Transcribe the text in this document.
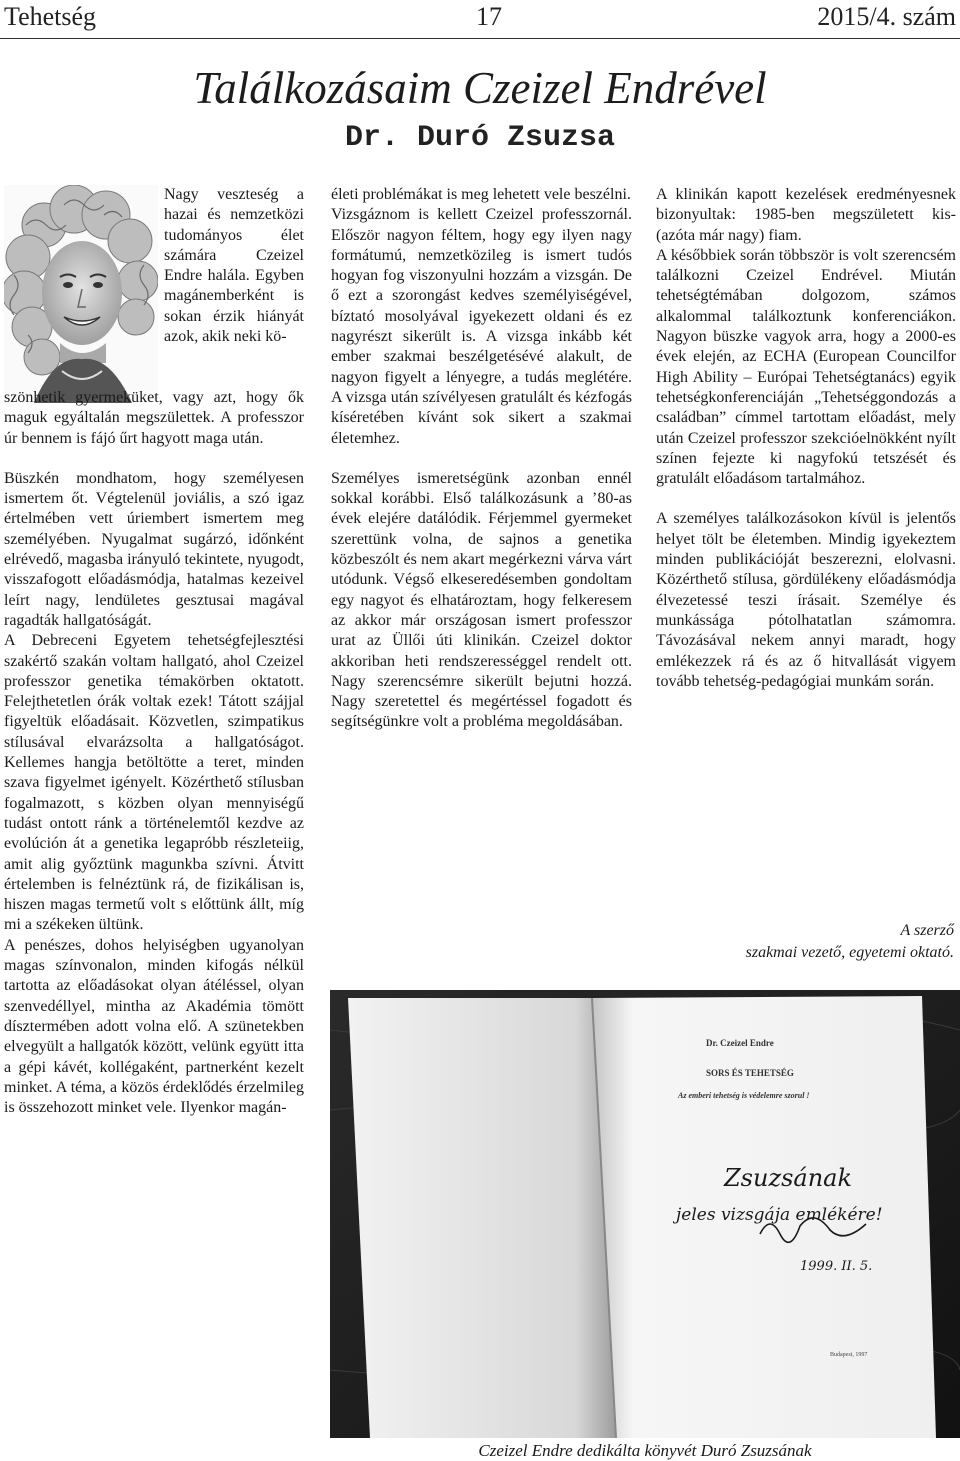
Tehetség	17	2015/4. szám
Találkozásaim Czeizel Endrével
Dr. Duró Zsuzsa

Nagy veszteség a hazai és nemzetközi tudományos élet számára Czeizel Endre halála. Egyben magánemberként is sokan érzik hiányát azok, akik neki kö-

szönhetik gyermeküket, vagy azt, hogy ők maguk egyáltalán megszülettek. A professzor úr bennem is fájó űrt hagyott maga után.

Büszkén mondhatom, hogy személyesen ismertem őt. Végtelenül joviális, a szó igaz értelmében vett úriembert ismertem meg személyében. Nyugalmat sugárzó, időnként elrévedő, magasba irányuló tekintete, nyugodt, visszafogott előadásmódja, hatalmas kezeivel leírt nagy, lendületes gesztusai magával ragadták hallgatóságát.

A Debreceni Egyetem tehetségfejlesztési szakértő szakán voltam hallgató, ahol Czeizel professzor genetika témakörben oktatott. Felejthetetlen órák voltak ezek! Tátott szájjal figyeltük előadásait. Közvetlen, szimpatikus stílusával elvarázsolta a hallgatóságot. Kellemes hangja betöltötte a teret, minden szava figyelmet igényelt. Közérthető stílusban fogalmazott, s közben olyan mennyiségű tudást ontott ránk a történelemtől kezdve az evolúción át a genetika legapróbb részleteiig, amit alig győztünk magunkba szívni. Átvitt értelemben is felnéztünk rá, de fizikálisan is, hiszen magas termetű volt s előttünk állt, míg mi a székeken ültünk.

A penészes, dohos helyiségben ugyanolyan magas színvonalon, minden kifogás nélkül tartotta az előadásokat olyan átéléssel, olyan szenvedéllyel, mintha az Akadémia tömött dísztermében adott volna elő. A szünetekben elvegyült a hallgatók között, velünk együtt itta a gépi kávét, kollégaként, partnerként kezelt minket. A téma, a közös érdeklődés érzelmileg is összehozott minket vele. Ilyenkor magán-

életi problémákat is meg lehetett vele beszélni.

Vizsgáznom is kellett Czeizel professzornál. Először nagyon féltem, hogy egy ilyen nagy formátumú, nemzetközileg is ismert tudós hogyan fog viszonyulni hozzám a vizsgán. De ő ezt a szorongást kedves személyiségével, bíztató mosolyával igyekezett oldani és ez nagyrészt sikerült is. A vizsga inkább két ember szakmai beszélgetésévé alakult, de nagyon figyelt a lényegre, a tudás meglétére. A vizsga után szívélyesen gratulált és kézfogás kíséretében kívánt sok sikert a szakmai életemhez.

Személyes ismeretségünk azonban ennél sokkal korábbi. Első találkozásunk a ’80-as évek elejére datálódik. Férjemmel gyermeket szerettünk volna, de sajnos a genetika közbeszólt és nem akart megérkezni várva várt utódunk. Végső elkeseredésemben gondoltam egy nagyot és elhatároztam, hogy felkeresem az akkor már országosan ismert professzor urat az Üllői úti klinikán. Czeizel doktor akkoriban heti rendszerességgel rendelt ott. Nagy szerencsémre sikerült bejutni hozzá. Nagy szeretettel és megértéssel fogadott és segítségünkre volt a probléma megoldásában.

A klinikán kapott kezelések eredményesnek bizonyultak: 1985-ben megszületett kis- (azóta már nagy) fiam.

A későbbiek során többször is volt szerencsém találkozni Czeizel Endrével. Miután tehetségtémában dolgozom, számos alkalommal találkoztunk konferenciákon. Nagyon büszke vagyok arra, hogy a 2000-es évek elején, az ECHA (European Councilfor High Ability – Európai Tehetségtanács) egyik tehetségkonferenciáján „Tehetséggondozás a családban” címmel tartottam előadást, mely után Czeizel professzor szekcióelnökként nyílt színen fejezte ki nagyfokú tetszését és gratulált előadásom tartalmához.

A személyes találkozásokon kívül is jelentős helyet tölt be életemben. Mindig igyekeztem minden publikációját beszerezni, elolvasni. Közérthető stílusa, gördülékeny előadásmódja élvezetessé teszi írásait. Személye és munkássága pótolhatatlan számomra. Távozásával nekem annyi maradt, hogy emlékezzek rá és az ő hitvallását vigyem tovább tehetség-pedagógiai munkám során.

A szerző
szakmai vezető, egyetemi oktató.
Dr. Czeizel Endre
SORS ÉS TEHETSÉG
Az emberi tehetség is védelemre szorul !
Zsuzsának
jeles vizsgája emlékére!
1999. II. 5.
Budapest, 1997
Czeizel Endre dedikálta könyvét Duró Zsuzsának
